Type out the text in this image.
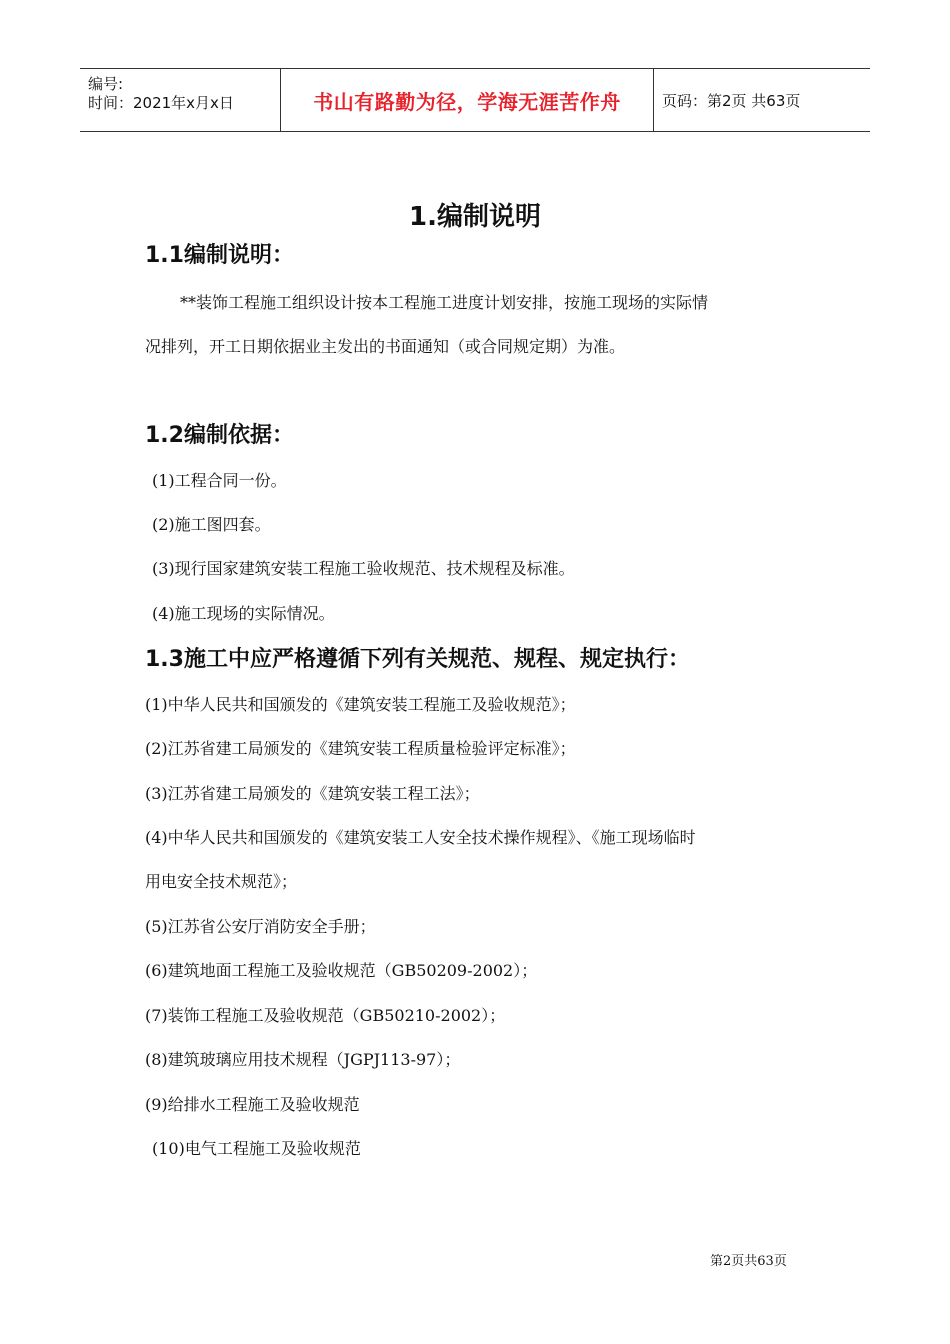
编号:
时间：2021年x月x日	书山有路勤为径，学海无涯苦作舟	页码：第2页 共63页
1.编制说明
1.1编制说明：
**装饰工程施工组织设计按本工程施工进度计划安排，按施工现场的实际情
况排列，开工日期依据业主发出的书面通知（或合同规定期）为准。
1.2编制依据：
(1)工程合同一份。
(2)施工图四套。
(3)现行国家建筑安装工程施工验收规范、技术规程及标准。
(4)施工现场的实际情况。
1.3施工中应严格遵循下列有关规范、规程、规定执行：
(1)中华人民共和国颁发的《建筑安装工程施工及验收规范》；
(2)江苏省建工局颁发的《建筑安装工程质量检验评定标准》；
(3)江苏省建工局颁发的《建筑安装工程工法》；
(4)中华人民共和国颁发的《建筑安装工人安全技术操作规程》、《施工现场临时
用电安全技术规范》；
(5)江苏省公安厅消防安全手册；
(6)建筑地面工程施工及验收规范（GB50209-2002）；
(7)装饰工程施工及验收规范（GB50210-2002）；
(8)建筑玻璃应用技术规程（JGPJ113-97）；
(9)给排水工程施工及验收规范
(10)电气工程施工及验收规范
第2页共63页
